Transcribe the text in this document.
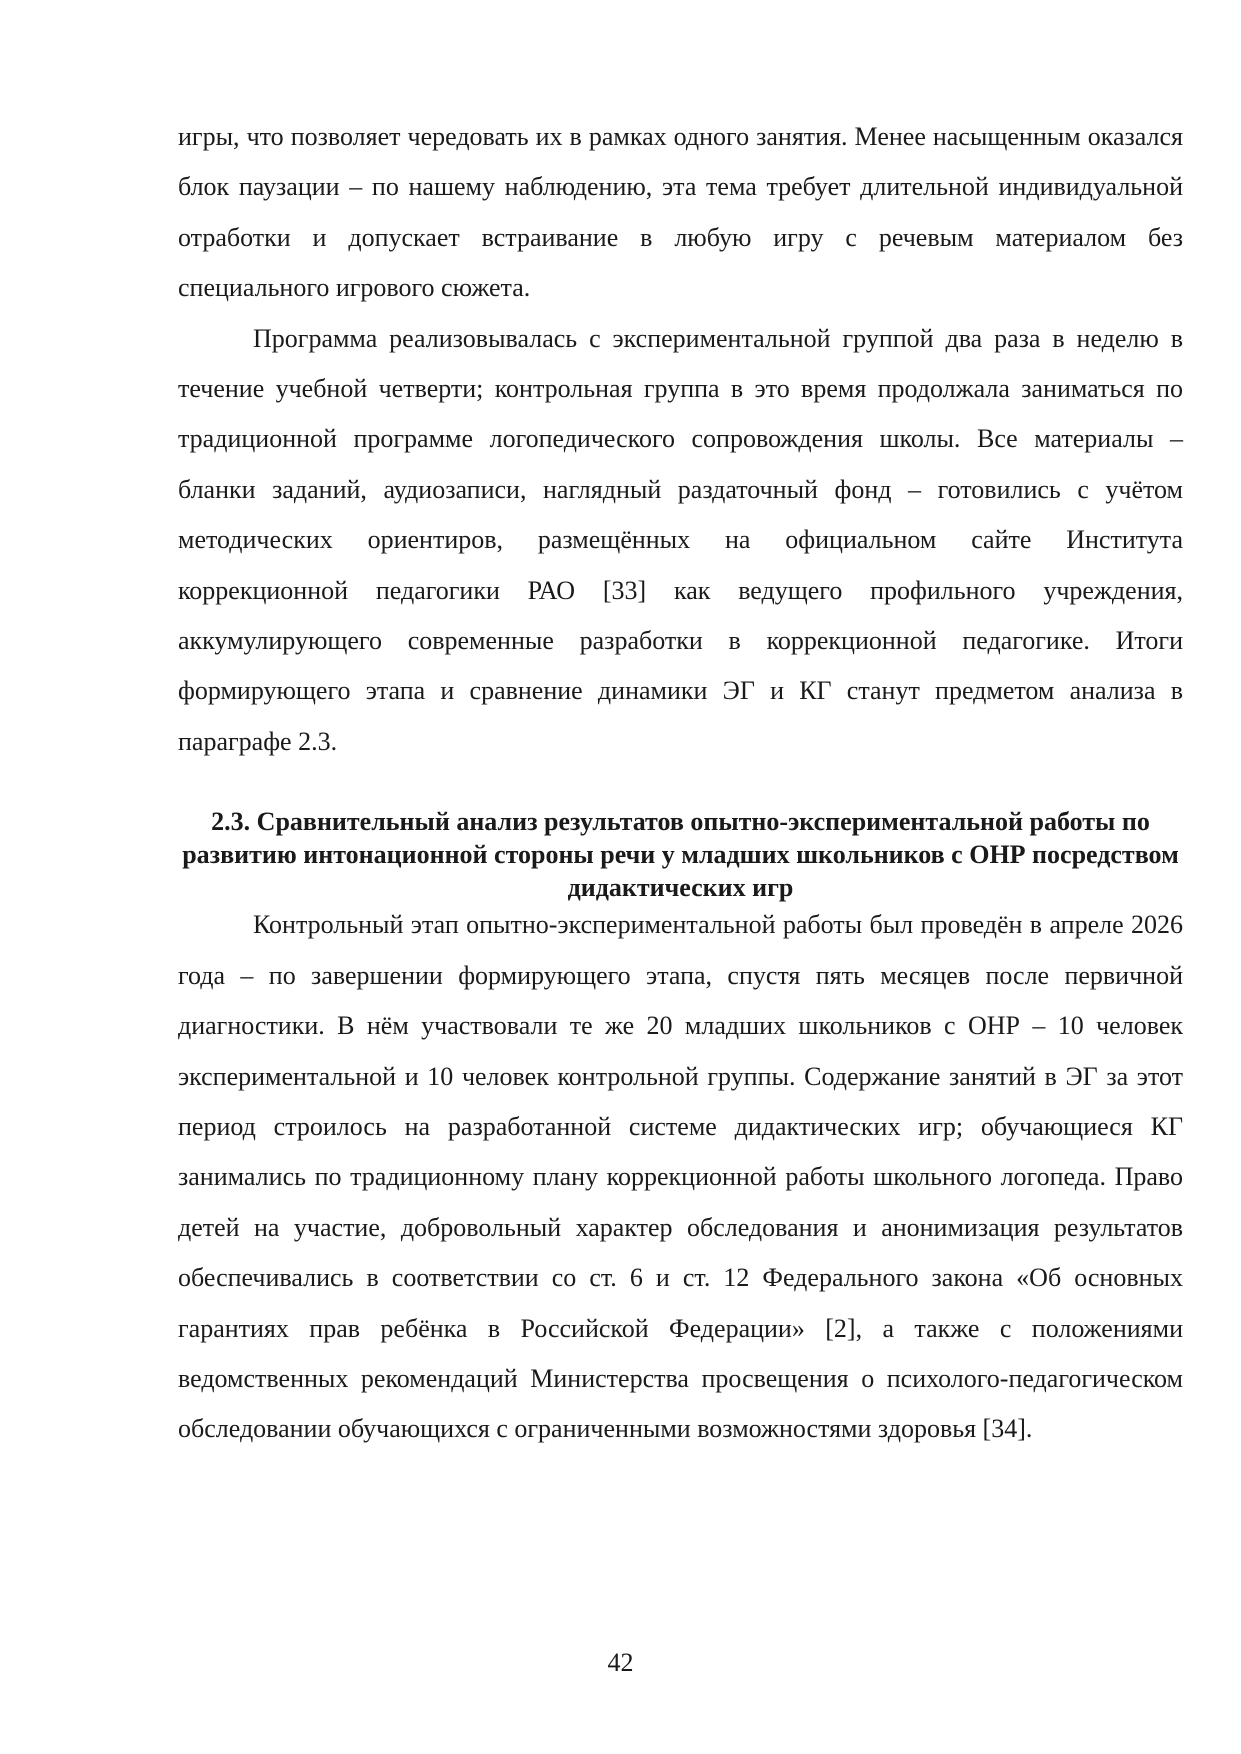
игры, что позволяет чередовать их в рамках одного занятия. Менее насыщенным оказался блок паузации – по нашему наблюдению, эта тема требует длительной индивидуальной отработки и допускает встраивание в любую игру с речевым материалом без специального игрового сюжета.

Программа реализовывалась с экспериментальной группой два раза в неделю в течение учебной четверти; контрольная группа в это время продолжала заниматься по традиционной программе логопедического сопровождения школы. Все материалы – бланки заданий, аудиозаписи, наглядный раздаточный фонд – готовились с учётом методических ориентиров, размещённых на официальном сайте Института коррекционной педагогики РАО [33] как ведущего профильного учреждения, аккумулирующего современные разработки в коррекционной педагогике. Итоги формирующего этапа и сравнение динамики ЭГ и КГ станут предметом анализа в параграфе 2.3.

2.3. Сравнительный анализ результатов опытно-экспериментальной работы по развитию интонационной стороны речи у младших школьников с ОНР посредством дидактических игр

Контрольный этап опытно-экспериментальной работы был проведён в апреле 2026 года – по завершении формирующего этапа, спустя пять месяцев после первичной диагностики. В нём участвовали те же 20 младших школьников с ОНР – 10 человек экспериментальной и 10 человек контрольной группы. Содержание занятий в ЭГ за этот период строилось на разработанной системе дидактических игр; обучающиеся КГ занимались по традиционному плану коррекционной работы школьного логопеда. Право детей на участие, добровольный характер обследования и анонимизация результатов обеспечивались в соответствии со ст. 6 и ст. 12 Федерального закона «Об основных гарантиях прав ребёнка в Российской Федерации» [2], а также с положениями ведомственных рекомендаций Министерства просвещения о психолого-педагогическом обследовании обучающихся с ограниченными возможностями здоровья [34].

42
